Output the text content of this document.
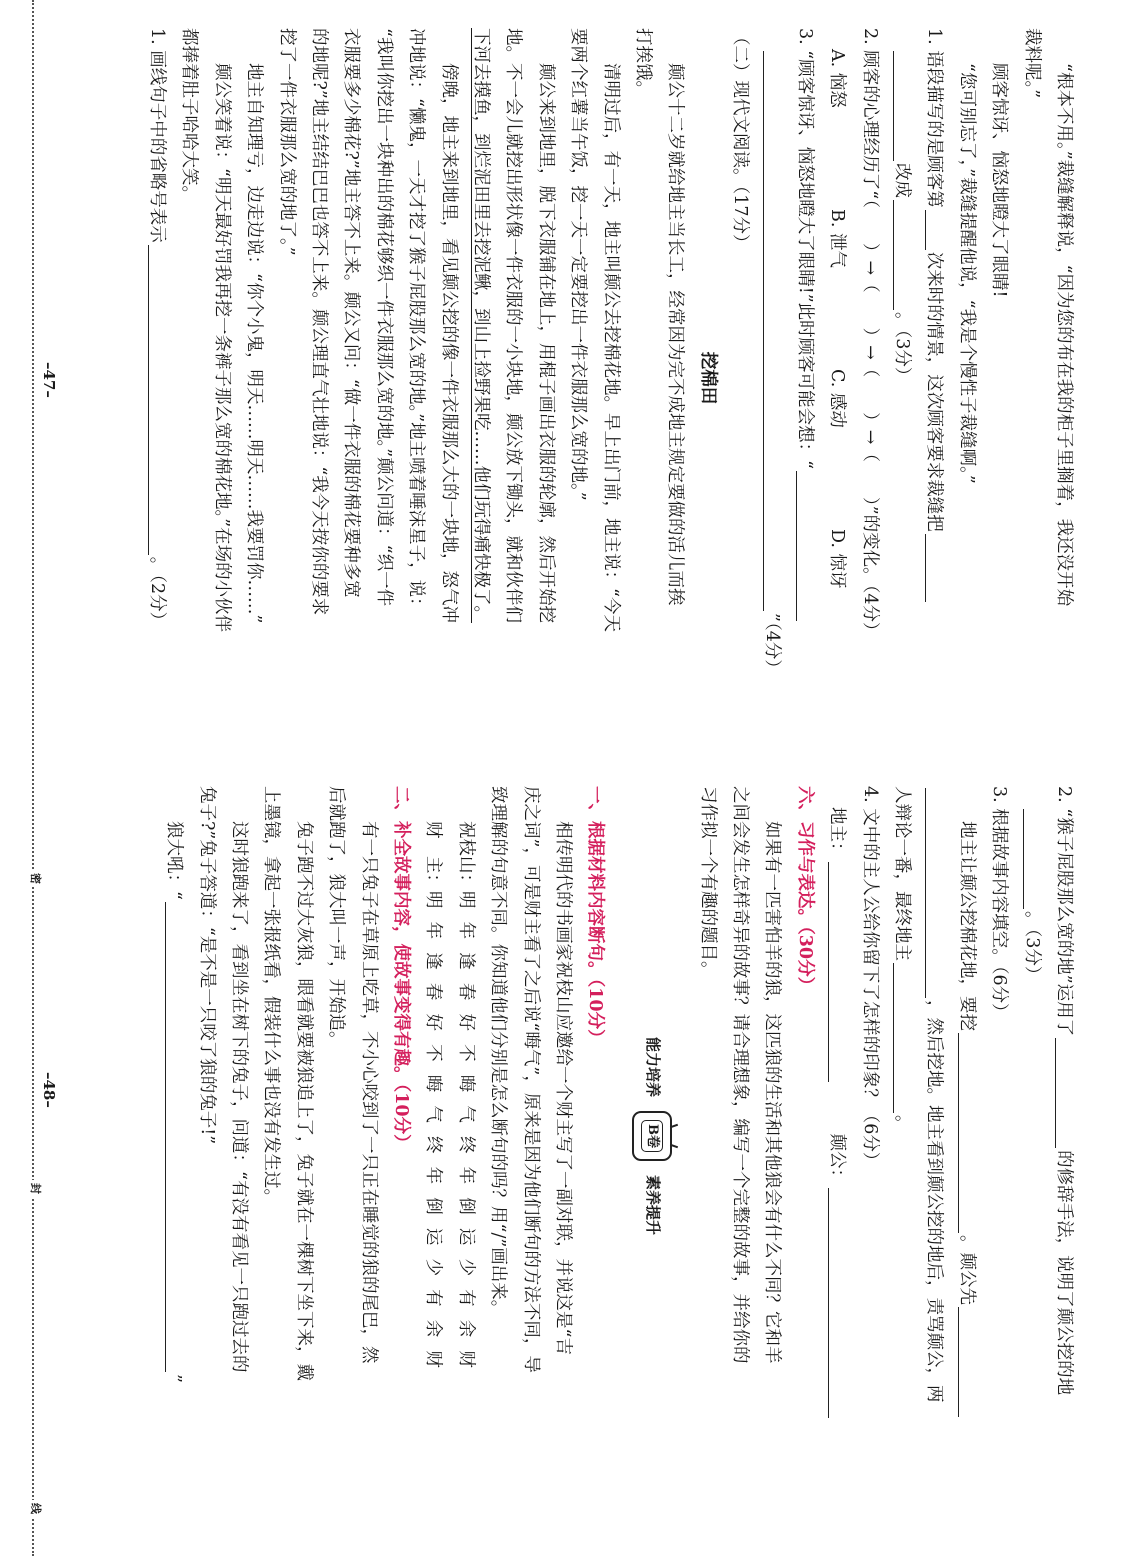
“根本不用。”裁缝解释说，“因为您的布在我的柜子里搁着，我还没开始
裁料呢。”
顾客惊讶、恼怒地瞪大了眼睛!
“您可别忘了，”裁缝提醒他说，“我是个慢性子裁缝啊。”
1. 语段描写的是顾客第次来时的情景，这次顾客要求裁缝把
改成。（3分）
2. 顾客的心理经历了“（　　）→（　　）→（　　）→（　　）”的变化。（4分）
A. 恼怒B. 泄气C. 感动D. 惊讶
3. “顾客惊讶、恼怒地瞪大了眼睛!”此时顾客可能会想：“
”（4分）
（二）现代文阅读。（17分）
挖棉田
颠公十二岁就给地主当长工，经常因为完不成地主规定要做的活儿而挨
打挨饿。
清明过后，有一天，地主叫颠公去挖棉花地。早上出门前，地主说：“今天
要两个红薯当午饭，挖一天一定要挖出一件衣服那么宽的地。”
颠公来到地里，脱下衣服铺在地上，用棍子画出衣服的轮廓，然后开始挖
地。不一会儿就挖出形状像一件衣服的一小块地，颠公放下锄头，就和伙伴们
下河去摸鱼，到烂泥田里去挖泥鳅，到山上捡野果吃……他们玩得痛快极了。
傍晚，地主来到地里，看见颠公挖的像一件衣服那么大的一块地，怒气冲
冲地说：“懒鬼，一天才挖了猴子屁股那么宽的地。”地主喷着唾沫星子，说：
“我叫你挖出一块种出的棉花够织一件衣服那么宽的地。”颠公问道：“织一件
衣服要多少棉花?”地主答不上来。颠公又问：“做一件衣服的棉花要种多宽
的地呢?”地主结结巴巴也答不上来。颠公理直气壮地说：“我今天按你的要求
挖了一件衣服那么宽的地了。”
地主自知理亏，边走边说：“你个小鬼，明天……明天……我要罚你……”
颠公笑着说：“明天最好罚我再挖一条裤子那么宽的棉花地。”在场的小伙伴
都捧着肚子哈哈大笑。
1. 画线句子中的省略号表示。（2分）
2. “猴子屁股那么宽的地”运用了的修辞手法，说明了颠公挖的地
。（3分）
3. 根据故事内容填空。（6分）
地主让颠公挖棉花地，要挖。颠公先
，然后挖地。地主看到颠公挖的地后，责骂颠公，两
人辩论一番，最终地主。
4. 文中的主人公给你留下了怎样的印象？（6分）
地主：颠公：
六、习作与表达。（30分）
如果有一匹害怕羊的狼，这匹狼的生活和其他狼会有什么不同？它和羊
之间会发生怎样奇异的故事？请合理想象，编写一个完整的故事，并给你的
习作拟一个有趣的题目。
能力培养
B卷
素养提升
一、根据材料内容断句。（10分）
相传明代的书画家祝枝山应邀给一个财主写了一副对联，并说这是“吉
庆之词”，可是财主看了之后说“晦气”，原来是因为他们断句的方法不同，导
致理解的句意不同。你知道他们分别是怎么断句的吗？用“/”画出来。
祝枝山：明年逢春好不晦气终年倒运少有余财
财　主：明年逢春好不晦气终年倒运少有余财
二、补全故事内容，使故事变得有趣。（10分）
有一只兔子在草原上吃草，不小心咬到了一只正在睡觉的狼的尾巴，然
后就跑了，狼大叫一声，开始追。
兔子跑不过大灰狼，眼看就要被狼追上了，兔子就在一棵树下坐下来，戴
上墨镜，拿起一张报纸看，假装什么事也没有发生过。
这时狼跑来了，看到坐在树下的兔子，问道：“有没有看见一只跑过去的
兔子?”兔子答道：“是不是一只咬了狼的兔子!”
狼大吼：“”
–47–
–48–
密
封
线
